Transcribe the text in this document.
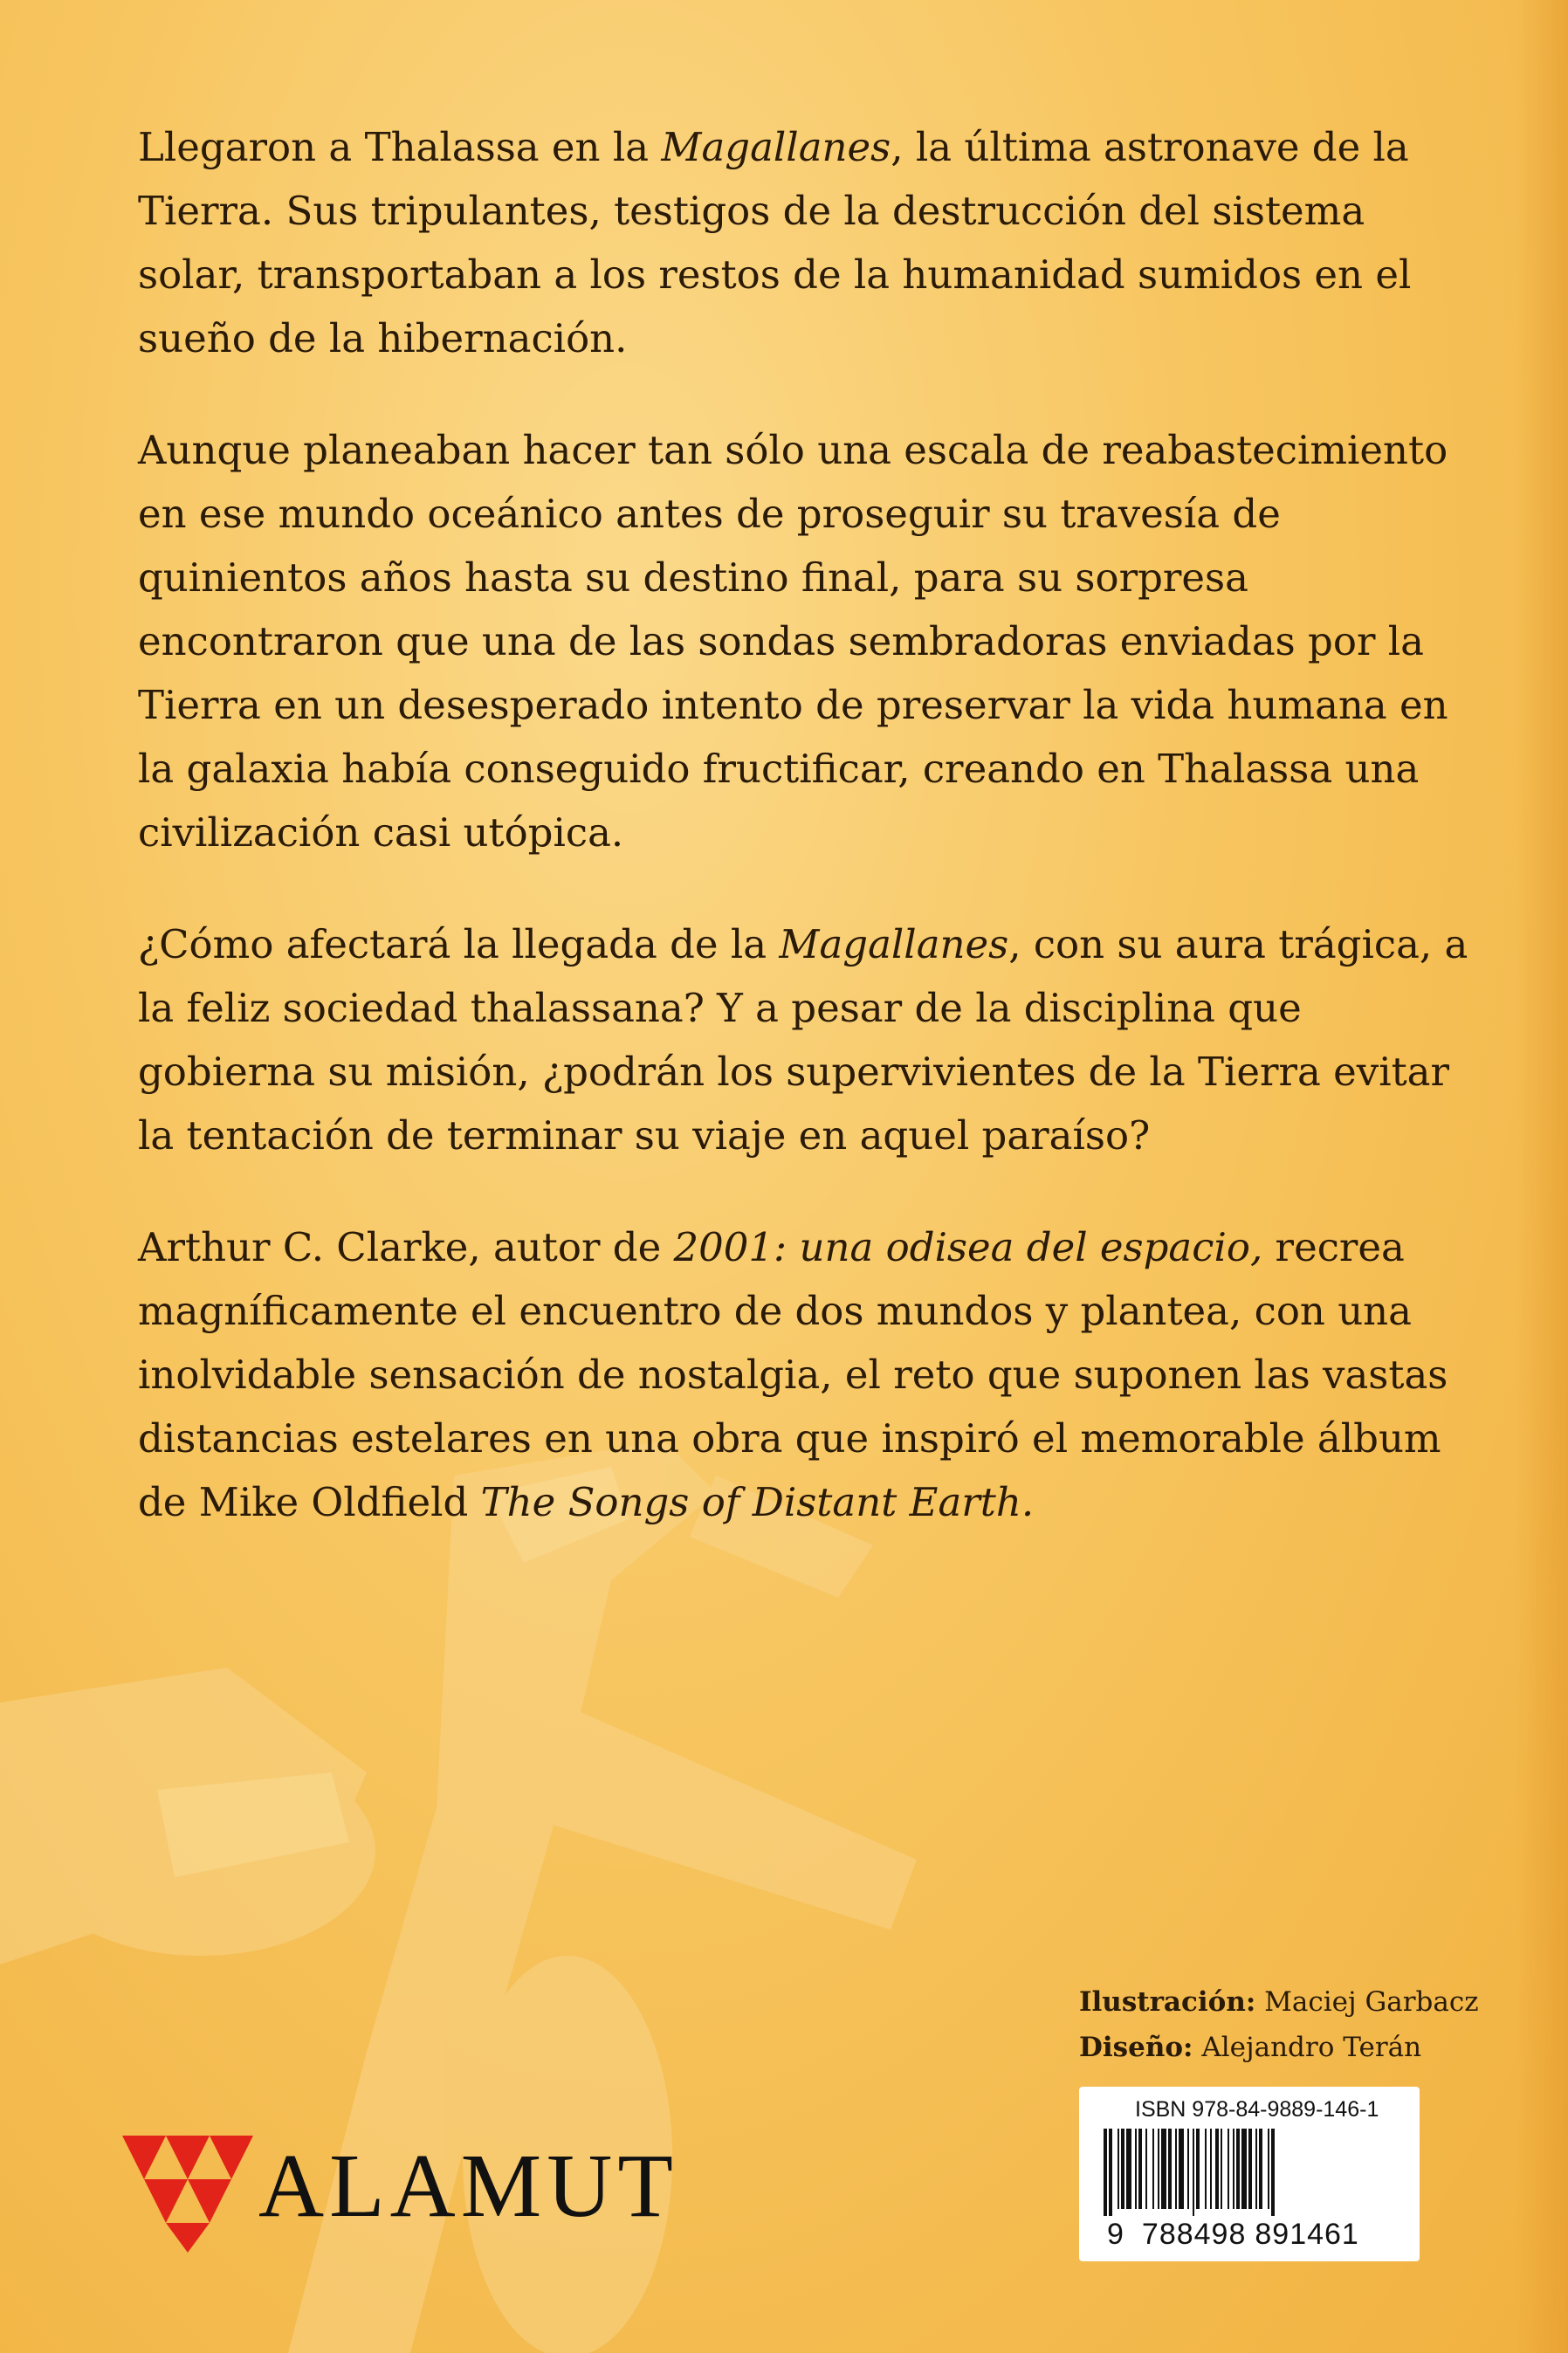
Llegaron a Thalassa en la Magallanes, la última astronave de la Tierra. Sus tripulantes, testigos de la destrucción del sistema solar, transportaban a los restos de la humanidad sumidos en el sueño de la hibernación.

Aunque planeaban hacer tan sólo una escala de reabastecimiento en ese mundo oceánico antes de proseguir su travesía de quinientos años hasta su destino final, para su sorpresa encontraron que una de las sondas sembradoras enviadas por la Tierra en un desesperado intento de preservar la vida humana en la galaxia había conseguido fructificar, creando en Thalassa una civilización casi utópica.

¿Cómo afectará la llegada de la Magallanes, con su aura trágica, a la feliz sociedad thalassana? Y a pesar de la disciplina que gobierna su misión, ¿podrán los supervivientes de la Tierra evitar la tentación de terminar su viaje en aquel paraíso?

Arthur C. Clarke, autor de 2001: una odisea del espacio, recrea magníficamente el encuentro de dos mundos y plantea, con una inolvidable sensación de nostalgia, el reto que suponen las vastas distancias estelares en una obra que inspiró el memorable álbum de Mike Oldfield The Songs of Distant Earth.

Ilustración: Maciej Garbacz
Diseño: Alejandro Terán
ALAMUT
ISBN 978-84-9889-146-1
9 788498 891461
